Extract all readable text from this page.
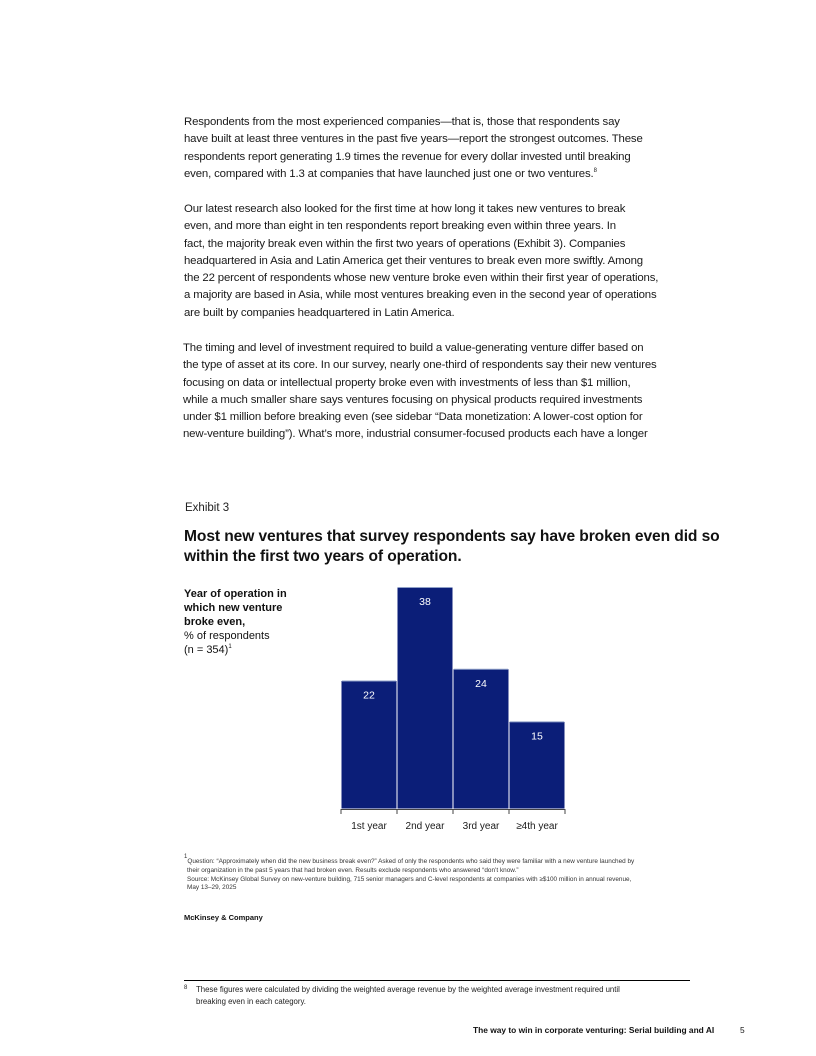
Respondents from the most experienced companies—that is, those that respondents say
have built at least three ventures in the past five years—report the strongest outcomes. These
respondents report generating 1.9 times the revenue for every dollar invested until breaking
even, compared with 1.3 at companies that have launched just one or two ventures.$^8$
Our latest research also looked for the first time at how long it takes new ventures to break
even, and more than eight in ten respondents report breaking even within three years. In
fact, the majority break even within the first two years of operations (Exhibit 3). Companies
headquartered in Asia and Latin America get their ventures to break even more swiftly. Among
the 22 percent of respondents whose new venture broke even within their first year of operations,
a majority are based in Asia, while most ventures breaking even in the second year of operations
are built by companies headquartered in Latin America.
The timing and level of investment required to build a value-generating venture differ based on
the type of asset at its core. In our survey, nearly one-third of respondents say their new ventures
focusing on data or intellectual property broke even with investments of less than $1 million,
while a much smaller share says ventures focusing on physical products required investments
under $1 million before breaking even (see sidebar “Data monetization: A lower-cost option for
new-venture building”). What’s more, industrial consumer-focused products each have a longer
Exhibit 3
Most new ventures that survey respondents say have broken even did so within the first two years of operation.
Year of operation in
which new venture
broke even,
% of respondents
(n = 354)$^1$
22
1st year
38
2nd year
24
3rd year
15
≥4th year
$^1$Question: “Approximately when did the new business break even?” Asked of only the respondents who said they were familiar with a new venture launched by
their organization in the past 5 years that had broken even. Results exclude respondents who answered “don’t know.”
Source: McKinsey Global Survey on new-venture building, 715 senior managers and C-level respondents at companies with ≥$100 million in annual revenue,
May 13–29, 2025
McKinsey & Company
8	These figures were calculated by dividing the weighted average revenue by the weighted average investment required until
breaking even in each category.
The way to win in corporate venturing: Serial building and AI	5
